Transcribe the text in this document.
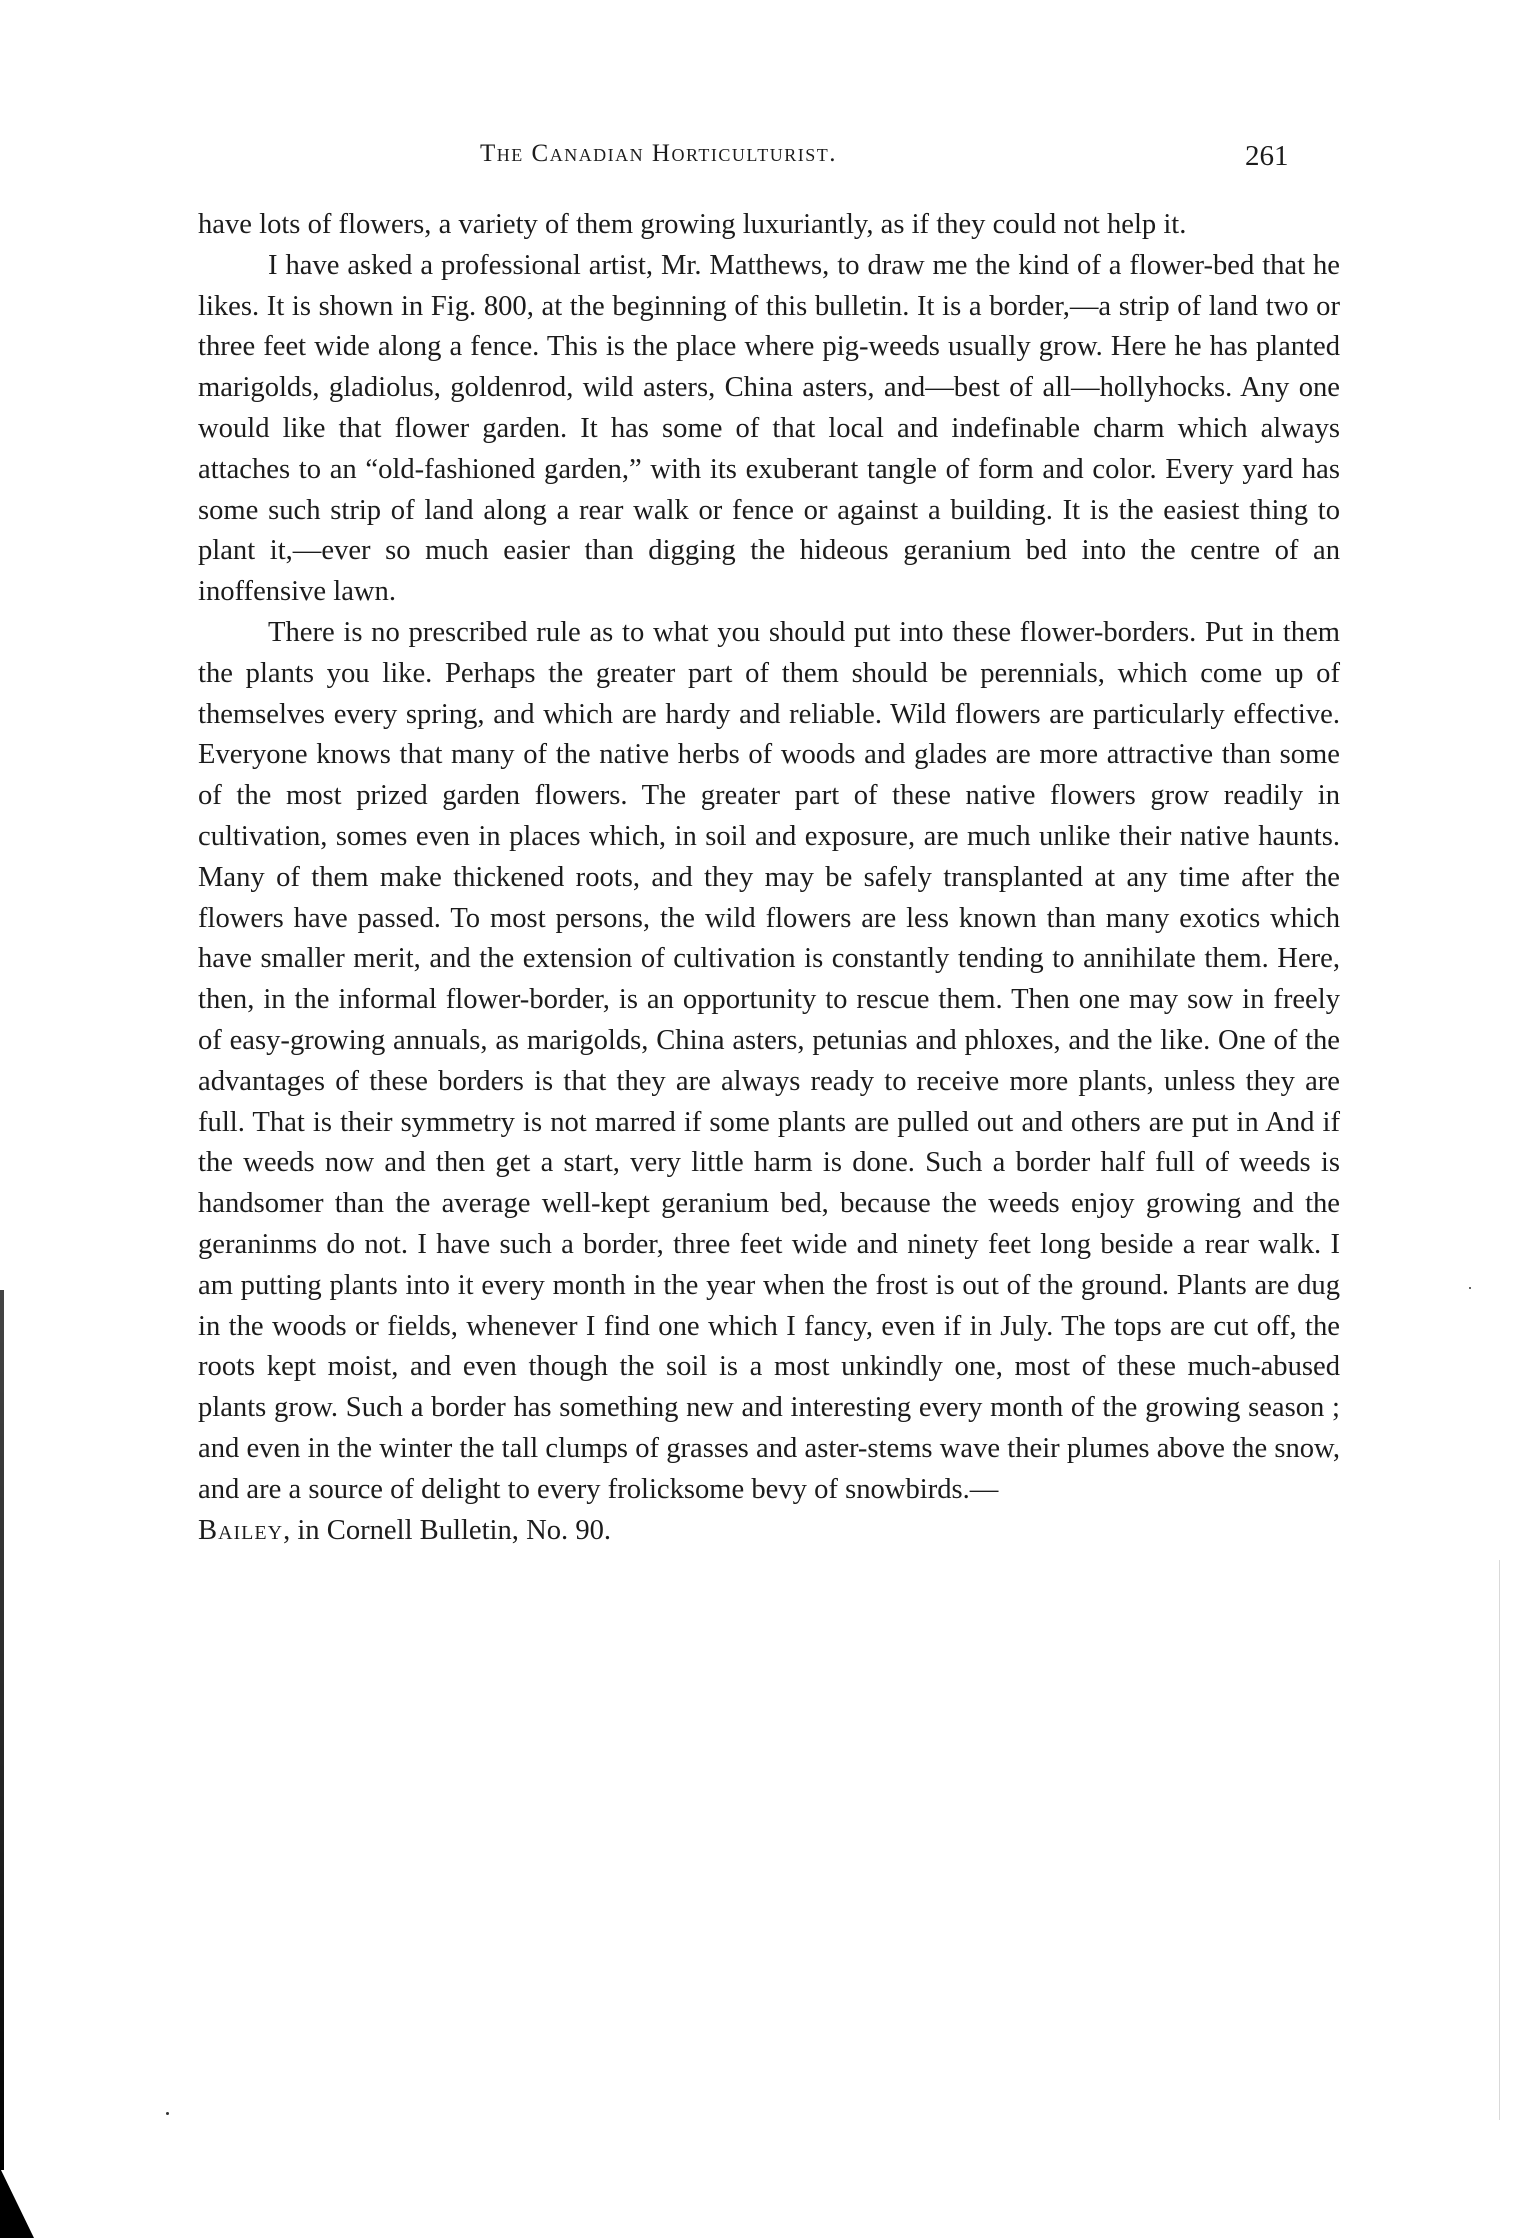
The Canadian Horticulturist.	261

have lots of flowers, a variety of them growing luxuriantly, as if they could not help it.

I have asked a professional artist, Mr. Matthews, to draw me the kind of a flower-bed that he likes. It is shown in Fig. 800, at the beginning of this bulletin. It is a border,—a strip of land two or three feet wide along a fence. This is the place where pig-weeds usually grow. Here he has planted marigolds, gladiolus, goldenrod, wild asters, China asters, and—best of all—hollyhocks. Any one would like that flower garden. It has some of that local and indefinable charm which always attaches to an “old-fashioned garden,” with its exuberant tangle of form and color. Every yard has some such strip of land along a rear walk or fence or against a building. It is the easiest thing to plant it,—ever so much easier than digging the hideous geranium bed into the centre of an inoffensive lawn.

There is no prescribed rule as to what you should put into these flower-borders. Put in them the plants you like. Perhaps the greater part of them should be perennials, which come up of themselves every spring, and which are hardy and reliable. Wild flowers are particularly effective. Everyone knows that many of the native herbs of woods and glades are more attractive than some of the most prized garden flowers. The greater part of these native flowers grow readily in cultivation, somes even in places which, in soil and exposure, are much unlike their native haunts. Many of them make thickened roots, and they may be safely transplanted at any time after the flowers have passed. To most persons, the wild flowers are less known than many exotics which have smaller merit, and the extension of cultivation is constantly tending to annihilate them. Here, then, in the informal flower-border, is an opportunity to rescue them. Then one may sow in freely of easy-growing annuals, as marigolds, China asters, petunias and phloxes, and the like. One of the advantages of these borders is that they are always ready to receive more plants, unless they are full. That is their symmetry is not marred if some plants are pulled out and others are put in And if the weeds now and then get a start, very little harm is done. Such a border half full of weeds is handsomer than the average well-kept geranium bed, because the weeds enjoy growing and the geraninms do not. I have such a border, three feet wide and ninety feet long beside a rear walk. I am putting plants into it every month in the year when the frost is out of the ground. Plants are dug in the woods or fields, whenever I find one which I fancy, even if in July. The tops are cut off, the roots kept moist, and even though the soil is a most unkindly one, most of these much-abused plants grow. Such a border has something new and interesting every month of the growing season ; and even in the winter the tall clumps of grasses and aster-stems wave their plumes above the snow, and are a source of delight to every frolicksome bevy of snowbirds.—

Bailey, in Cornell Bulletin, No. 90.
